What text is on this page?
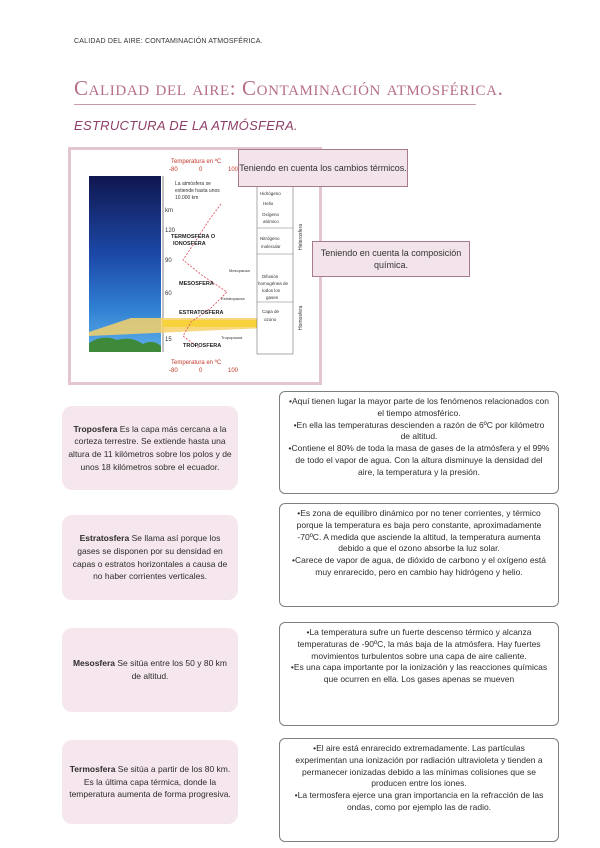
CALIDAD DEL AIRE: CONTAMINACIÓN ATMOSFÉRICA.
Calidad del aire: Contaminación atmosférica.
ESTRUCTURA DE LA ATMÓSFERA.
Temperatura en ºC
-80	0	100
La atmósfera se
extiende hasta unos
10.000 km
km
120
90
60
15
TERMOSFERA O
IONOSFERA
MESOSFERA
ESTRATOSFERA
TROPOSFERA
Mesopausa
Estratopausa
Tropopausa
Hidrógeno
Helio
Oxígeno
atómico
Nitrógeno
molecular
Difusión
homogénea de
todos los
gases
Capa de
ozono
Heterosfera
Homosfera
Temperatura en ºC
-80	0	100
Teniendo en cuenta los cambios térmicos.
Teniendo en cuenta la composición química.
Troposfera Es la capa más cercana a la corteza terrestre. Se extiende hasta una altura de 11 kilómetros sobre los polos y de unos 18 kilómetros sobre el ecuador.

•Aquí tienen lugar la mayor parte de los fenómenos relacionados con el tiempo atmosférico.

•En ella las temperaturas descienden a razón de 6ºC por kilómetro de altitud.

•Contiene el 80% de toda la masa de gases de la atmósfera y el 99% de todo el vapor de agua. Con la altura disminuye la densidad del aire, la temperatura y la presión.

Estratosfera Se llama así porque los gases se disponen por su densidad en capas o estratos horizontales a causa de no haber corrientes verticales.

•Es zona de equilibro dinámico por no tener corrientes, y térmico porque la temperatura es baja pero constante, aproximadamente -70ºC. A medida que asciende la altitud, la temperatura aumenta debido a que el ozono absorbe la luz solar.

•Carece de vapor de agua, de dióxido de carbono y el oxígeno está muy enrarecido, pero en cambio hay hidrógeno y helio.

Mesosfera Se sitúa entre los 50 y 80 km de altitud.

•La temperatura sufre un fuerte descenso térmico y alcanza temperaturas de -90ºC, la más baja de la atmósfera. Hay fuertes movimientos turbulentos sobre una capa de aire caliente.

•Es una capa importante por la ionización y las reacciones químicas que ocurren en ella. Los gases apenas se mueven

Termosfera Se sitúa a partir de los 80 km. Es la última capa térmica, donde la temperatura aumenta de forma progresiva.

•El aire está enrarecido extremadamente. Las partículas experimentan una ionización por radiación ultravioleta y tienden a permanecer ionizadas debido a las mínimas colisiones que se producen entre los iones.

•La termosfera ejerce una gran importancia en la refracción de las ondas, como por ejemplo las de radio.
